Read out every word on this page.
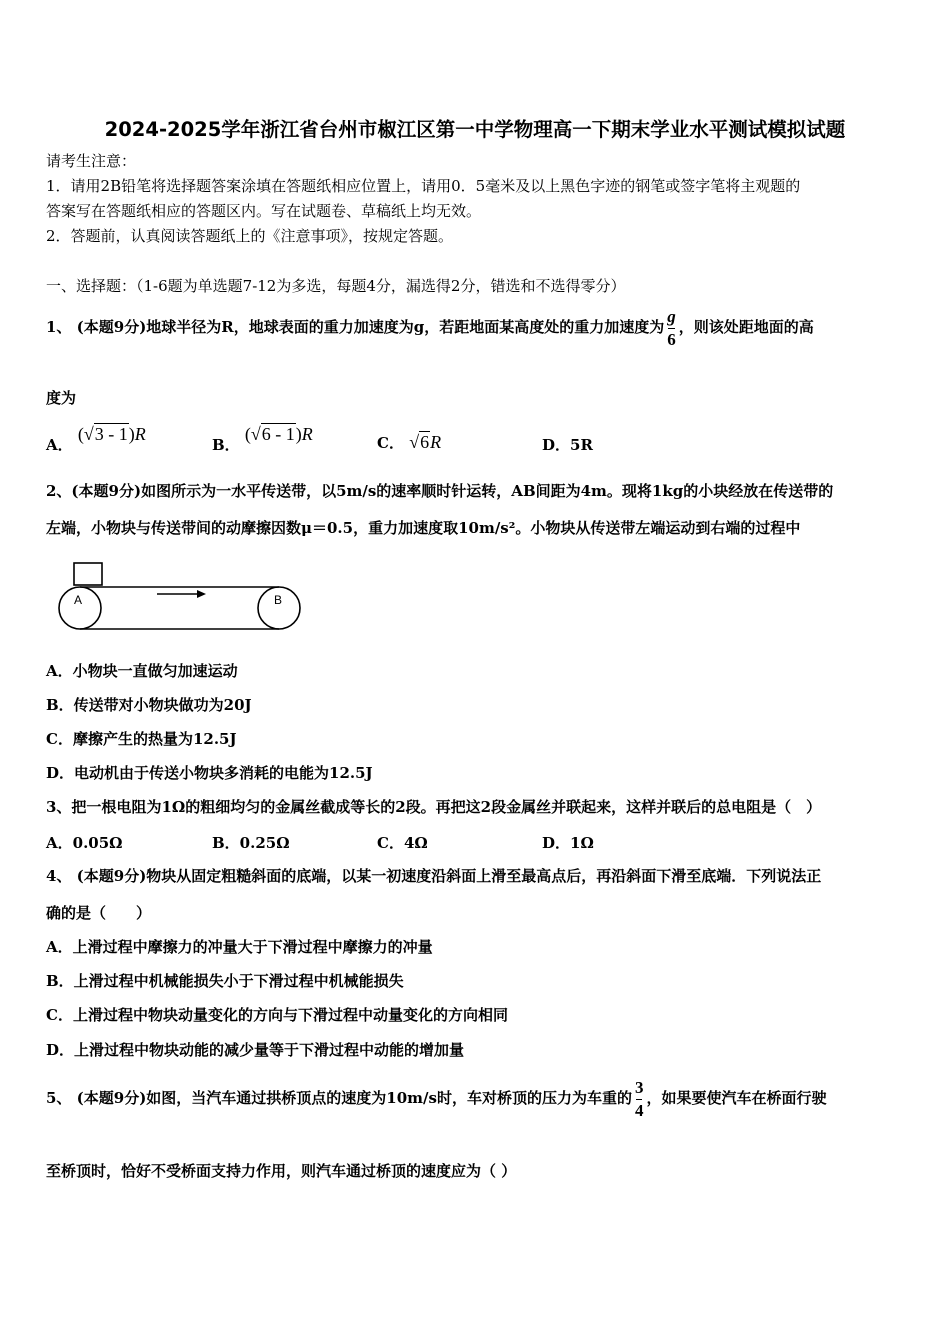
2024-2025学年浙江省台州市椒江区第一中学物理高一下期末学业水平测试模拟试题
请考生注意：
1．请用2B铅笔将选择题答案涂填在答题纸相应位置上，请用0．5毫米及以上黑色字迹的钢笔或签字笔将主观题的
答案写在答题纸相应的答题区内。写在试题卷、草稿纸上均无效。
2．答题前，认真阅读答题纸上的《注意事项》，按规定答题。
一、选择题：（1-6题为单选题7-12为多选，每题4分，漏选得2分，错选和不选得零分）
1、 (本题9分)地球半径为R，地球表面的重力加速度为g，若距地面某高度处的重力加速度为 $\frac{g}{6}$ ，则该处距地面的高
度为
A． (√3 - 1)R
B． (√6 - 1)R	C． √6R	D．5R
2、(本题9分)如图所示为一水平传送带，以5m/s的速率顺时针运转，AB间距为4m。现将1kg的小块经放在传送带的
左端，小物块与传送带间的动摩擦因数μ＝0.5，重力加速度取10m/s²。小物块从传送带左端运动到右端的过程中
A	B
A．小物块一直做匀加速运动
B．传送带对小物块做功为20J
C．摩擦产生的热量为12.5J
D．电动机由于传送小物块多消耗的电能为12.5J
3、把一根电阻为1Ω的粗细均匀的金属丝截成等长的2段。再把这2段金属丝并联起来，这样并联后的总电阻是（　）
A．0.05Ω	B．0.25Ω	C．4Ω	D．1Ω
4、 (本题9分)物块从固定粗糙斜面的底端，以某一初速度沿斜面上滑至最高点后，再沿斜面下滑至底端．下列说法正
确的是（　　）
A．上滑过程中摩擦力的冲量大于下滑过程中摩擦力的冲量
B．上滑过程中机械能损失小于下滑过程中机械能损失
C．上滑过程中物块动量变化的方向与下滑过程中动量变化的方向相同
D．上滑过程中物块动能的减少量等于下滑过程中动能的增加量
5、 (本题9分)如图，当汽车通过拱桥顶点的速度为10m/s时，车对桥顶的压力为车重的 $\frac{3}{4}$ ，如果要使汽车在桥面行驶
至桥顶时，恰好不受桥面支持力作用，则汽车通过桥顶的速度应为（ ）
